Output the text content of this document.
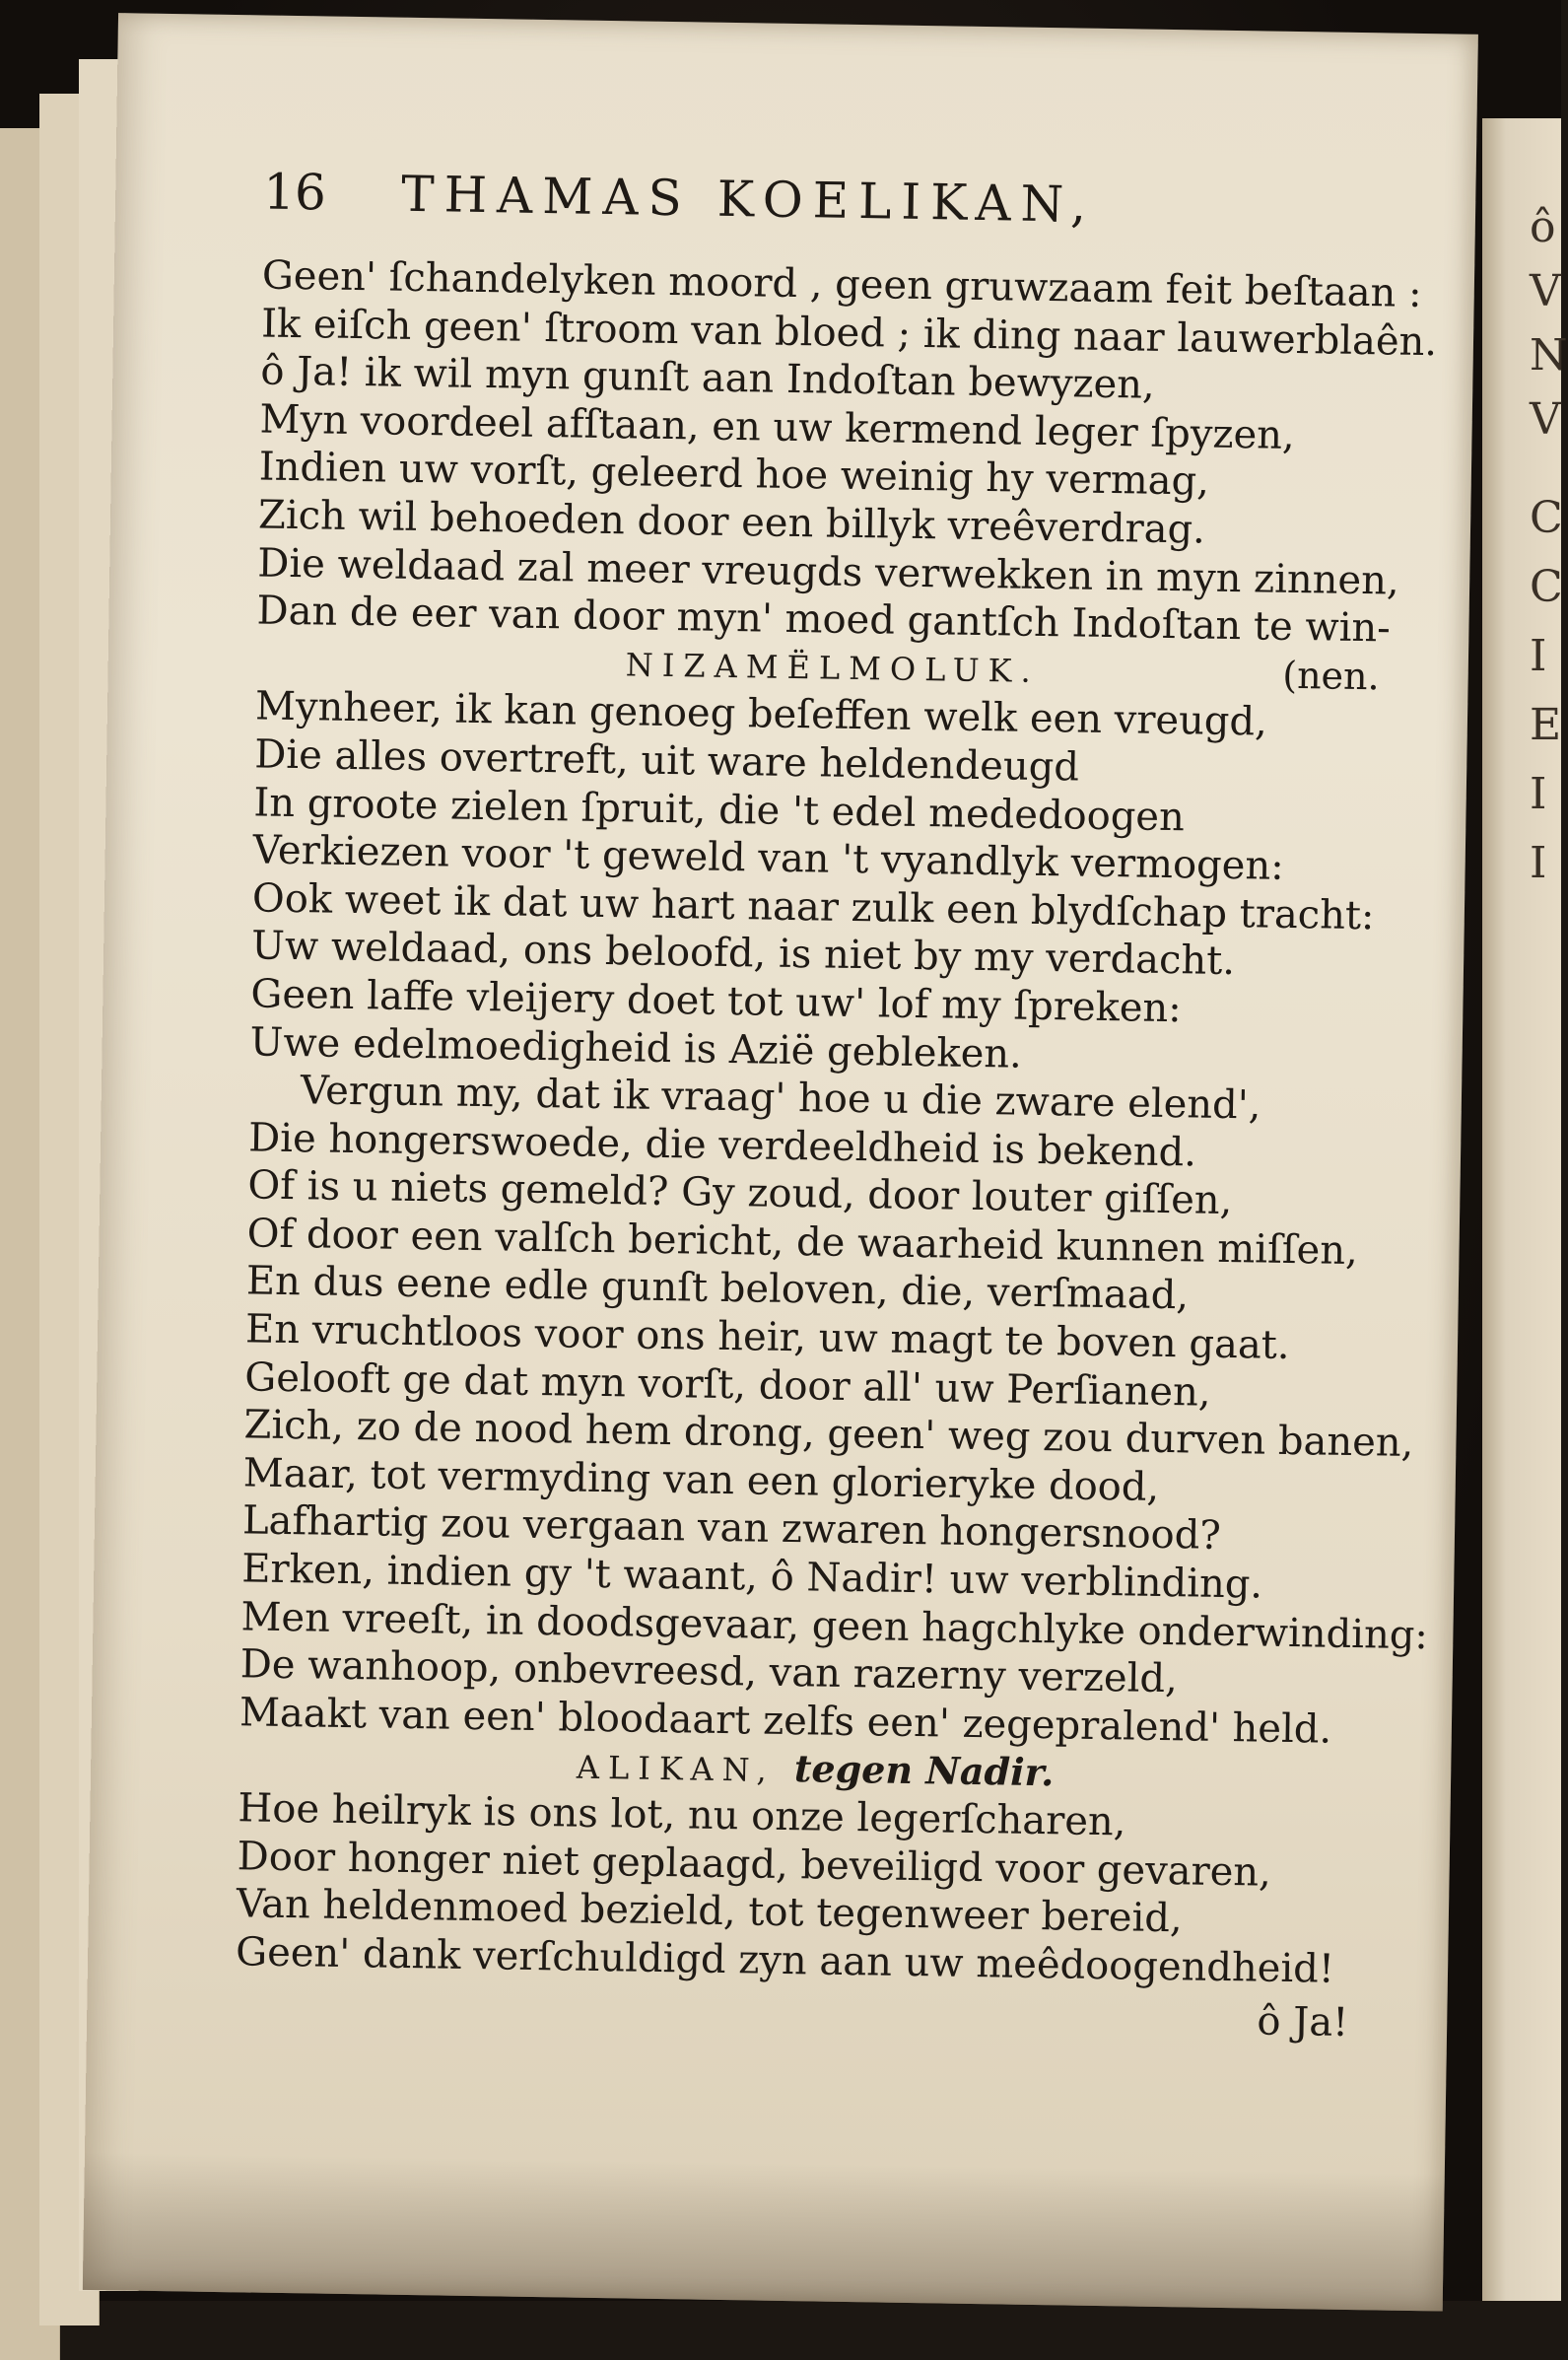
ô
V
N
V
C
C
I
E
I
I
16	THAMAS KOELIKAN,
Geen' ſchandelyken moord , geen gruwzaam feit beſtaan :
Ik eiſch geen' ſtroom van bloed ; ik ding naar lauwerblaên.
ô Ja! ik wil myn gunſt aan Indoſtan bewyzen,
Myn voordeel afſtaan, en uw kermend leger ſpyzen,
Indien uw vorſt, geleerd hoe weinig hy vermag,
Zich wil behoeden door een billyk vreêverdrag.
Die weldaad zal meer vreugds verwekken in myn zinnen,
Dan de eer van door myn' moed gantſch Indoſtan te win-
NIZAMËLMOLUK.	(nen.
Mynheer, ik kan genoeg beſeffen welk een vreugd,
Die alles overtreft, uit ware heldendeugd
In groote zielen ſpruit, die 't edel mededoogen
Verkiezen voor 't geweld van 't vyandlyk vermogen:
Ook weet ik dat uw hart naar zulk een blydſchap tracht:
Uw weldaad, ons beloofd, is niet by my verdacht.
Geen laffe vleijery doet tot uw' lof my ſpreken:
Uwe edelmoedigheid is Azië gebleken.
Vergun my, dat ik vraag' hoe u die zware elend',
Die hongerswoede, die verdeeldheid is bekend.
Of is u niets gemeld? Gy zoud, door louter giſſen,
Of door een valſch bericht, de waarheid kunnen miſſen,
En dus eene edle gunſt beloven, die, verſmaad,
En vruchtloos voor ons heir, uw magt te boven gaat.
Gelooft ge dat myn vorſt, door all' uw Perſianen,
Zich, zo de nood hem drong, geen' weg zou durven banen,
Maar, tot vermyding van een glorieryke dood,
Lafhartig zou vergaan van zwaren hongersnood?
Erken, indien gy 't waant, ô Nadir! uw verblinding.
Men vreeſt, in doodsgevaar, geen hagchlyke onderwinding:
De wanhoop, onbevreesd, van razerny verzeld,
Maakt van een' bloodaart zelfs een' zegepralend' held.
ALIKAN, tegen Nadir.
Hoe heilryk is ons lot, nu onze legerſcharen,
Door honger niet geplaagd, beveiligd voor gevaren,
Van heldenmoed bezield, tot tegenweer bereid,
Geen' dank verſchuldigd zyn aan uw meêdoogendheid!
ô Ja!
